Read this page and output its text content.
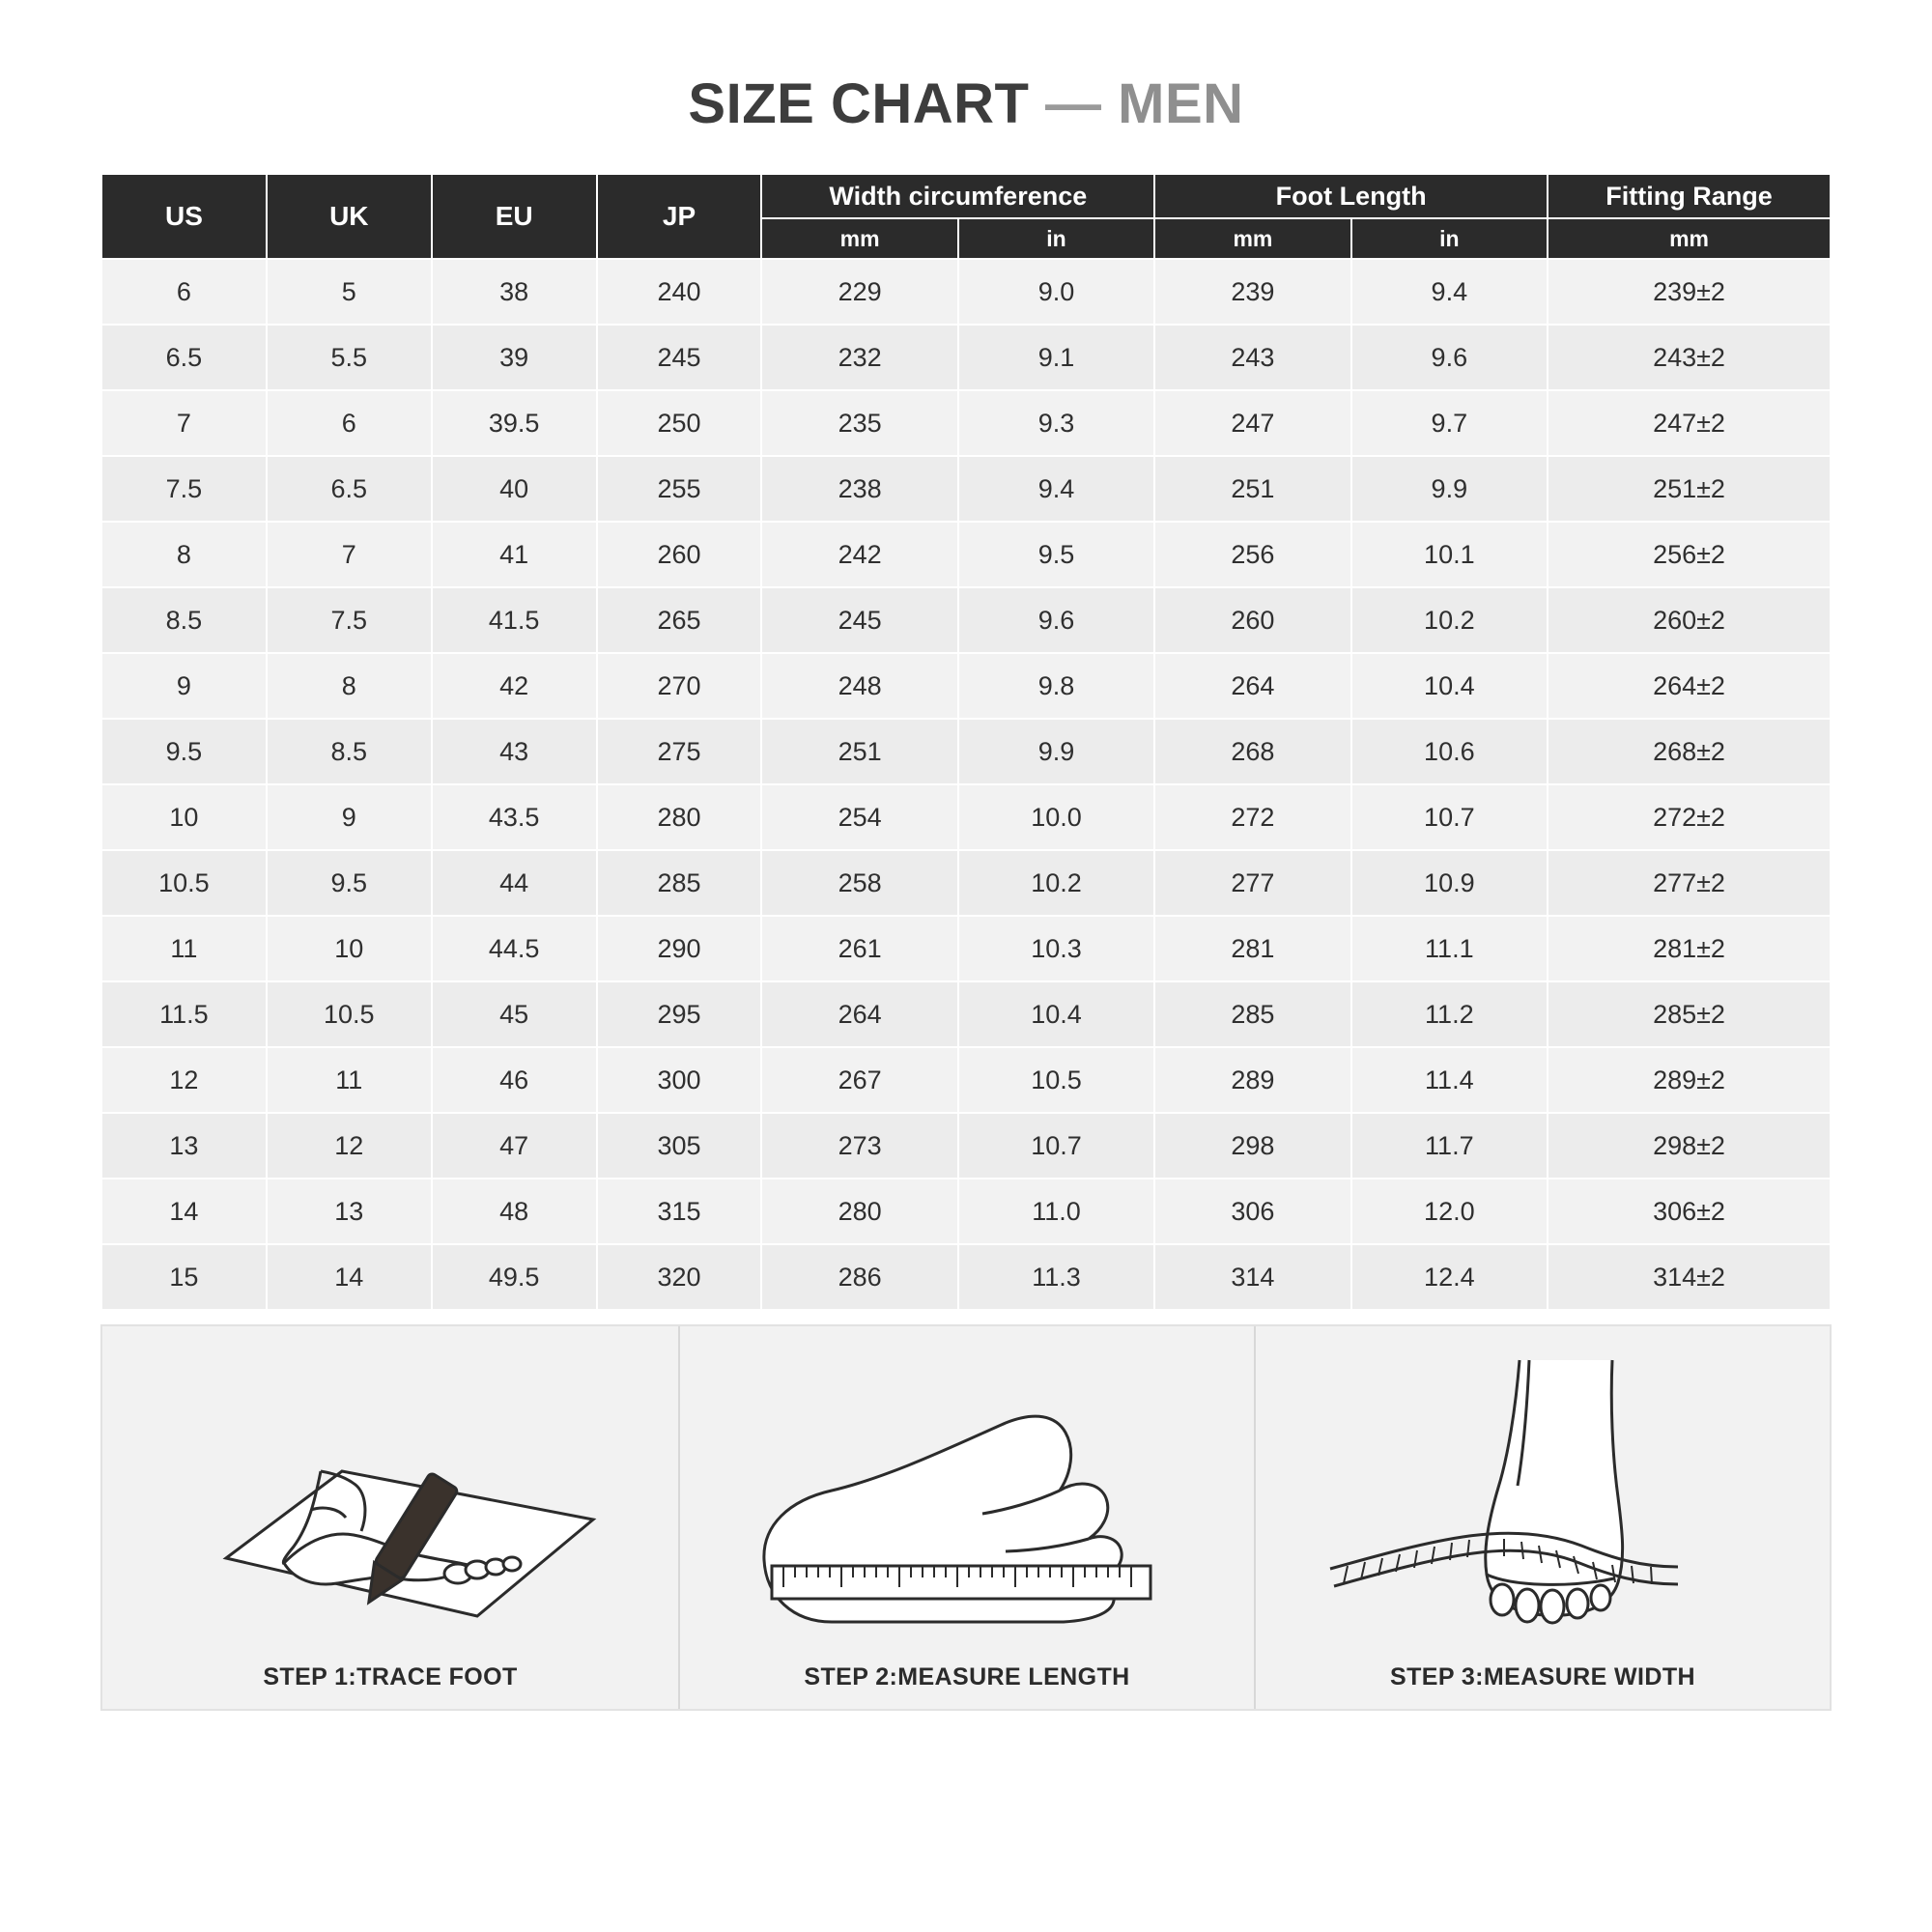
SIZE CHART — MEN
US	UK	EU	JP	Width circumference		Foot Length		Fitting Range
				mm	in	mm	in	mm
6	5	38	240	229	9.0	239	9.4	239±2
6.5	5.5	39	245	232	9.1	243	9.6	243±2
7	6	39.5	250	235	9.3	247	9.7	247±2
7.5	6.5	40	255	238	9.4	251	9.9	251±2
8	7	41	260	242	9.5	256	10.1	256±2
8.5	7.5	41.5	265	245	9.6	260	10.2	260±2
9	8	42	270	248	9.8	264	10.4	264±2
9.5	8.5	43	275	251	9.9	268	10.6	268±2
10	9	43.5	280	254	10.0	272	10.7	272±2
10.5	9.5	44	285	258	10.2	277	10.9	277±2
11	10	44.5	290	261	10.3	281	11.1	281±2
11.5	10.5	45	295	264	10.4	285	11.2	285±2
12	11	46	300	267	10.5	289	11.4	289±2
13	12	47	305	273	10.7	298	11.7	298±2
14	13	48	315	280	11.0	306	12.0	306±2
15	14	49.5	320	286	11.3	314	12.4	314±2
STEP 1:TRACE FOOT	STEP 2:MEASURE LENGTH	STEP 3:MEASURE WIDTH
